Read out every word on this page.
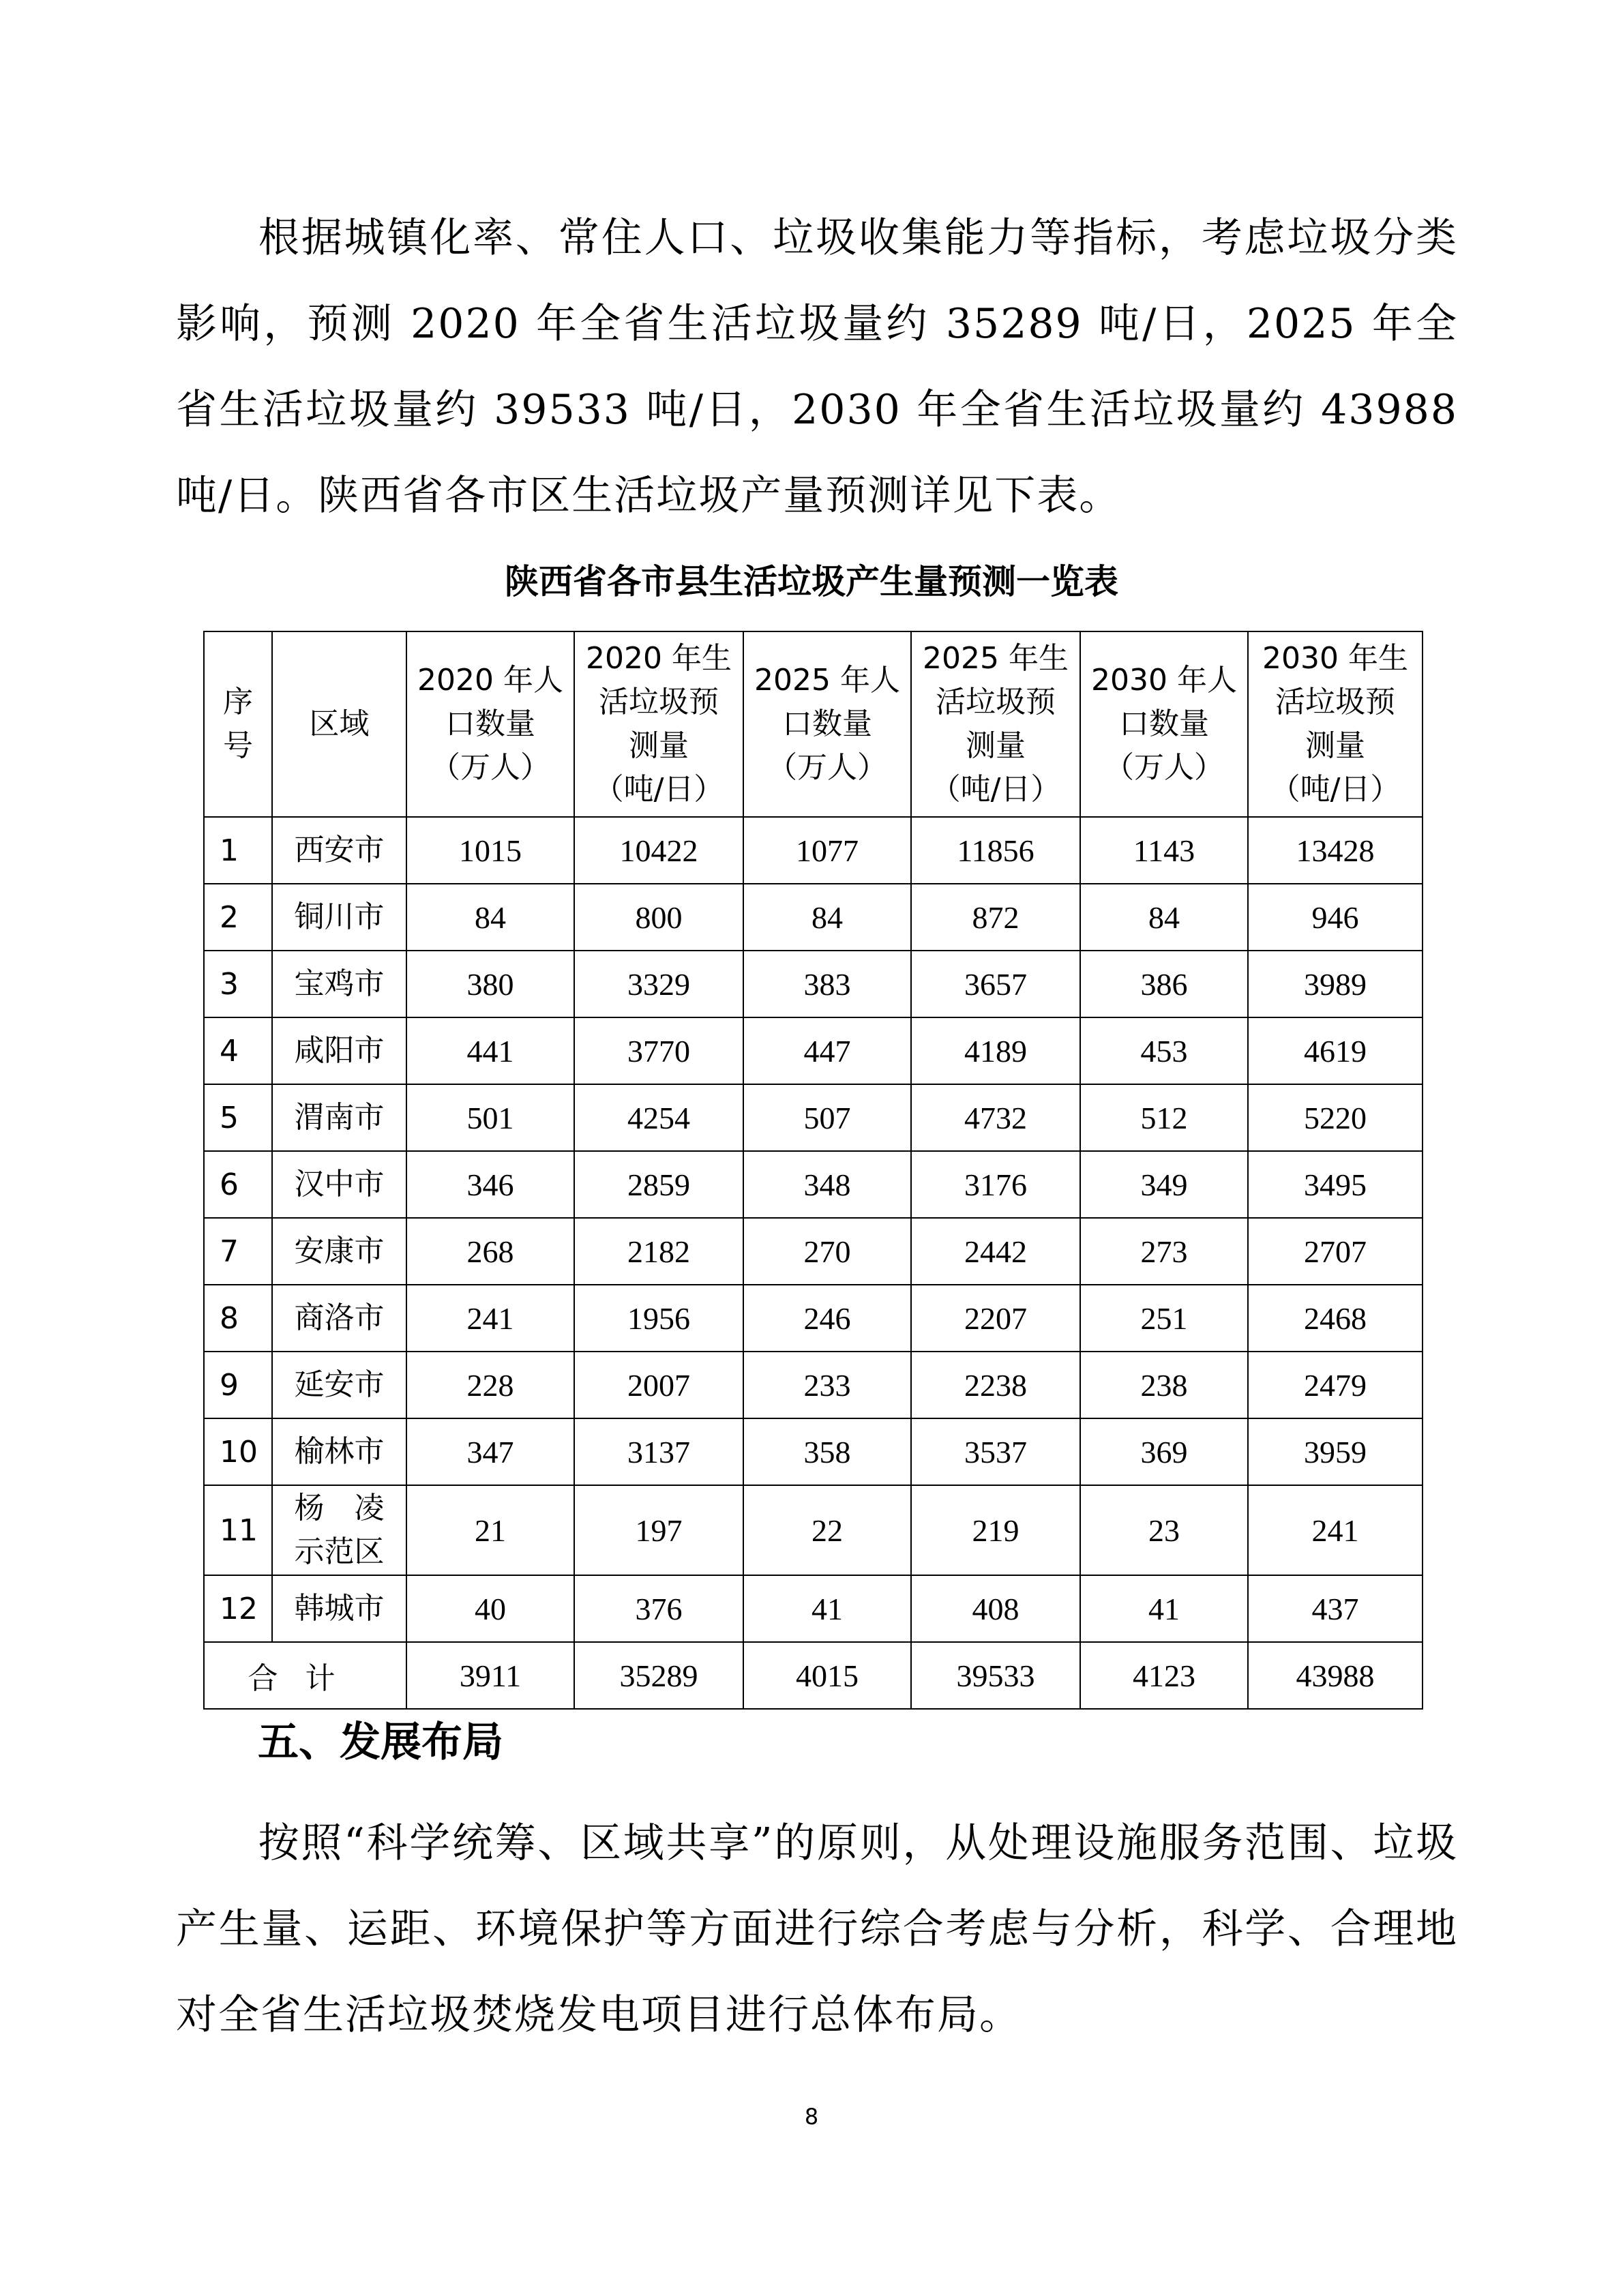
根据城镇化率、常住人口、垃圾收集能力等指标，考虑垃圾分类影响，预测 2020 年全省生活垃圾量约 35289 吨/日，2025 年全省生活垃圾量约 39533 吨/日，2030 年全省生活垃圾量约 43988 吨/日。陕西省各市区生活垃圾产量预测详见下表。

陕西省各市县生活垃圾产生量预测一览表

序
号	区域	2020 年人
口数量
（万人）	2020 年生
活垃圾预
测量
（吨/日）	2025 年人
口数量
（万人）	2025 年生
活垃圾预
测量
（吨/日）	2030 年人
口数量
（万人）	2030 年生
活垃圾预
测量
（吨/日）

1	西安市	1015	10422	1077	11856	1143	13428
2	铜川市	84	800	84	872	84	946
3	宝鸡市	380	3329	383	3657	386	3989
4	咸阳市	441	3770	447	4189	453	4619
5	渭南市	501	4254	507	4732	512	5220
6	汉中市	346	2859	348	3176	349	3495
7	安康市	268	2182	270	2442	273	2707
8	商洛市	241	1956	246	2207	251	2468
9	延安市	228	2007	233	2238	238	2479
10	榆林市	347	3137	358	3537	369	3959
11	杨　凌
示范区	21	197	22	219	23	241
12	韩城市	40	376	41	408	41	437
合计		3911	35289	4015	39533	4123	43988

五、发展布局

按照“科学统筹、区域共享”的原则，从处理设施服务范围、垃圾产生量、运距、环境保护等方面进行综合考虑与分析，科学、合理地对全省生活垃圾焚烧发电项目进行总体布局。

8
